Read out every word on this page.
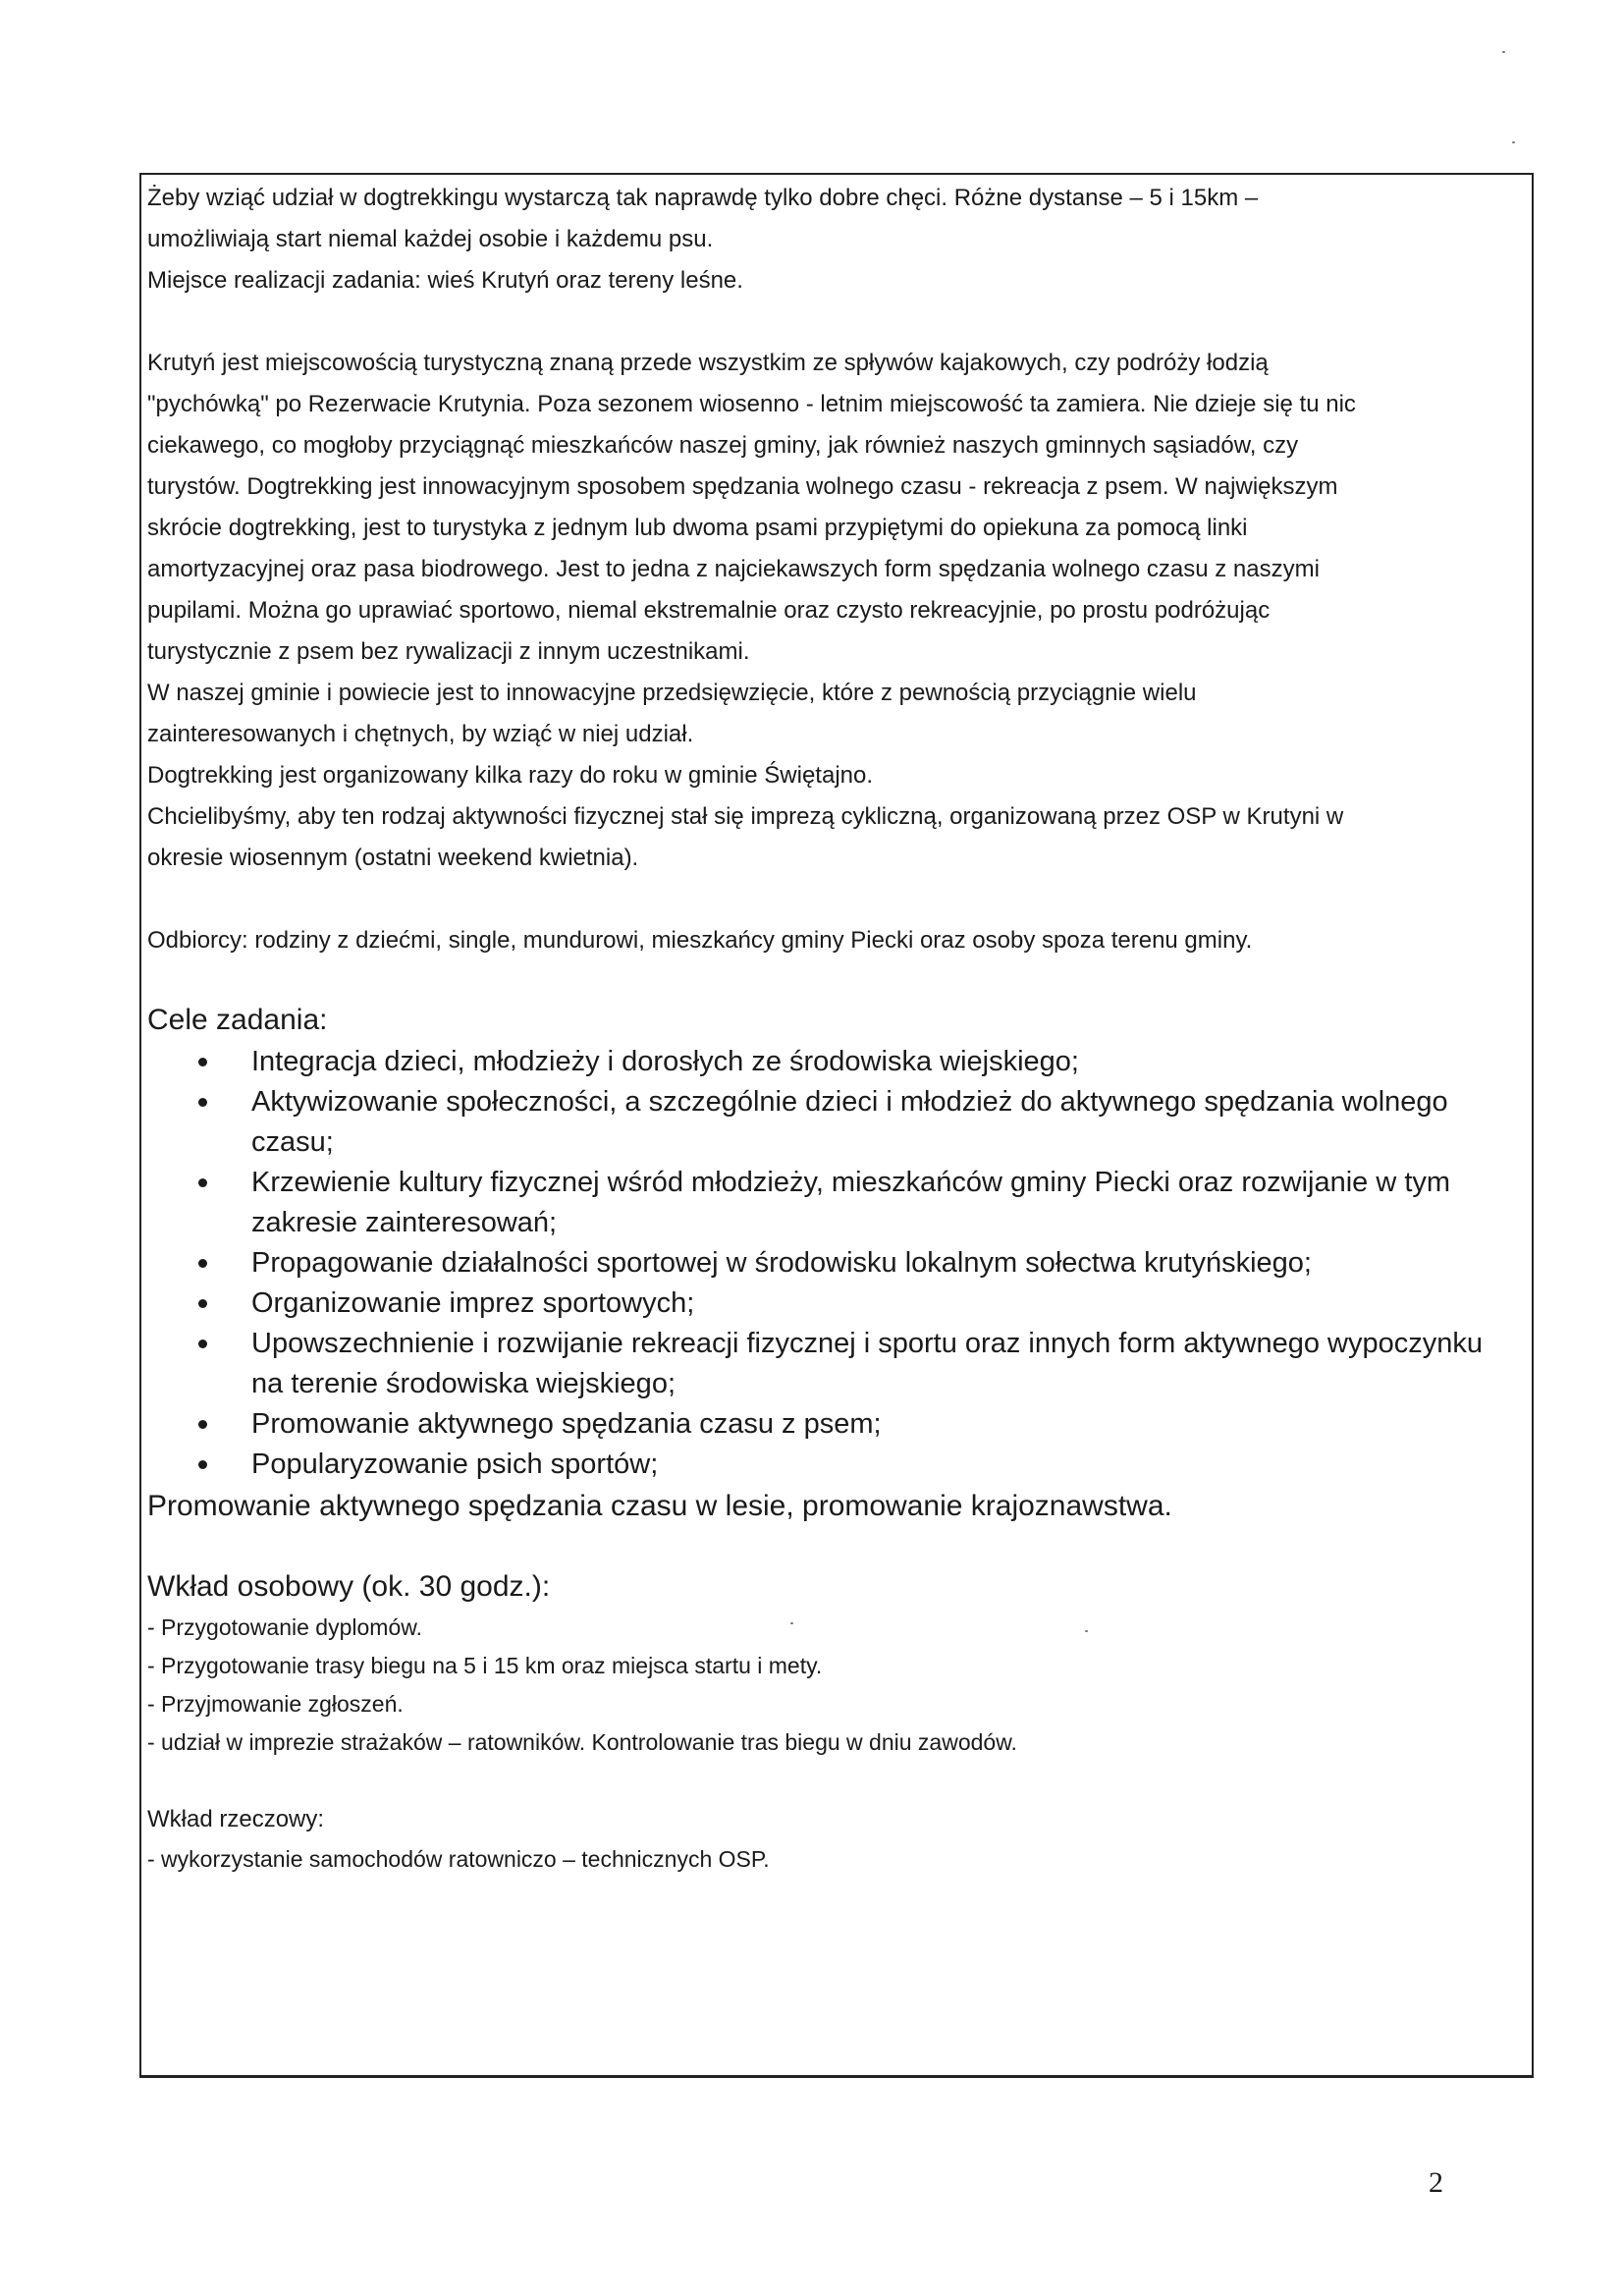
Żeby wziąć udział w dogtrekkingu wystarczą tak naprawdę tylko dobre chęci. Różne dystanse – 5 i 15km –
umożliwiają start niemal każdej osobie i każdemu psu.
Miejsce realizacji zadania: wieś Krutyń oraz tereny leśne.
Krutyń jest miejscowością turystyczną znaną przede wszystkim ze spływów kajakowych, czy podróży łodzią
"pychówką" po Rezerwacie Krutynia. Poza sezonem wiosenno - letnim miejscowość ta zamiera. Nie dzieje się tu nic
ciekawego, co mogłoby przyciągnąć mieszkańców naszej gminy, jak również naszych gminnych sąsiadów, czy
turystów. Dogtrekking jest innowacyjnym sposobem spędzania wolnego czasu - rekreacja z psem. W największym
skrócie dogtrekking, jest to turystyka z jednym lub dwoma psami przypiętymi do opiekuna za pomocą linki
amortyzacyjnej oraz pasa biodrowego. Jest to jedna z najciekawszych form spędzania wolnego czasu z naszymi
pupilami. Można go uprawiać sportowo, niemal ekstremalnie oraz czysto rekreacyjnie, po prostu podróżując
turystycznie z psem bez rywalizacji z innym uczestnikami.
W naszej gminie i powiecie jest to innowacyjne przedsięwzięcie, które z pewnością przyciągnie wielu
zainteresowanych i chętnych, by wziąć w niej udział.
Dogtrekking jest organizowany kilka razy do roku w gminie Świętajno.
Chcielibyśmy, aby ten rodzaj aktywności fizycznej stał się imprezą cykliczną, organizowaną przez OSP w Krutyni w
okresie wiosennym (ostatni weekend kwietnia).
Odbiorcy: rodziny z dziećmi, single, mundurowi, mieszkańcy gminy Piecki oraz osoby spoza terenu gminy.
Cele zadania:
Integracja dzieci, młodzieży i dorosłych ze środowiska wiejskiego;
Aktywizowanie społeczności, a szczególnie dzieci i młodzież do aktywnego spędzania wolnego
czasu;
Krzewienie kultury fizycznej wśród młodzieży, mieszkańców gminy Piecki oraz rozwijanie w tym
zakresie zainteresowań;
Propagowanie działalności sportowej w środowisku lokalnym sołectwa krutyńskiego;
Organizowanie imprez sportowych;
Upowszechnienie i rozwijanie rekreacji fizycznej i sportu oraz innych form aktywnego wypoczynku
na terenie środowiska wiejskiego;
Promowanie aktywnego spędzania czasu z psem;
Popularyzowanie psich sportów;
Promowanie aktywnego spędzania czasu w lesie, promowanie krajoznawstwa.
Wkład osobowy (ok. 30 godz.):
- Przygotowanie dyplomów.
- Przygotowanie trasy biegu na 5 i 15 km oraz miejsca startu i mety.
- Przyjmowanie zgłoszeń.
- udział w imprezie strażaków – ratowników. Kontrolowanie tras biegu w dniu zawodów.
Wkład rzeczowy:
- wykorzystanie samochodów ratowniczo – technicznych OSP.
2
